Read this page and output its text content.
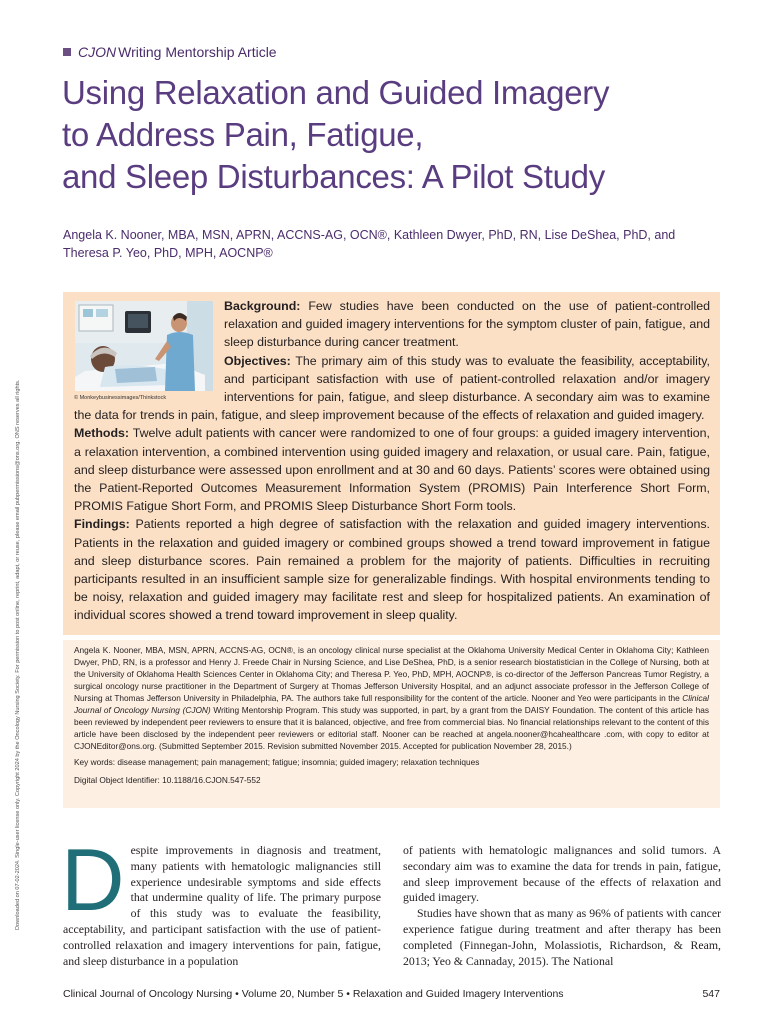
Downloaded on 07-02-2024. Single-user license only. Copyright 2024 by the Oncology Nursing Society. For permission to post online, reprint, adapt, or reuse, please email pubpermissions@ons.org. ONS reserves all rights.
CJON Writing Mentorship Article
Using Relaxation and Guided Imagery
to Address Pain, Fatigue,
and Sleep Disturbances: A Pilot Study
Angela K. Nooner, MBA, MSN, APRN, ACCNS-AG, OCN®, Kathleen Dwyer, PhD, RN, Lise DeShea, PhD, and Theresa P. Yeo, PhD, MPH, AOCNP®
© Monkeybusinessimages/Thinkstock

Background: Few studies have been conducted on the use of patient-controlled relaxation and guided imagery interventions for the symptom cluster of pain, fatigue, and sleep disturbance during cancer treatment.

Objectives: The primary aim of this study was to evaluate the feasibility, acceptability, and participant satisfaction with use of patient-controlled relaxation and/or imagery interventions for pain, fatigue, and sleep disturbance. A secondary aim was to examine the data for trends in pain, fatigue, and sleep improvement because of the effects of relaxation and guided imagery.

Methods: Twelve adult patients with cancer were randomized to one of four groups: a guided imagery intervention, a relaxation intervention, a combined intervention using guided imagery and relaxation, or usual care. Pain, fatigue, and sleep disturbance were assessed upon enrollment and at 30 and 60 days. Patients’ scores were obtained using the Patient-Reported Outcomes Measurement Information System (PROMIS) Pain Interference Short Form, PROMIS Fatigue Short Form, and PROMIS Sleep Disturbance Short Form tools.

Findings: Patients reported a high degree of satisfaction with the relaxation and guided imagery interventions. Patients in the relaxation and guided imagery or combined groups showed a trend toward improvement in fatigue and sleep disturbance scores. Pain remained a problem for the majority of patients. Difficulties in recruiting participants resulted in an insufficient sample size for generalizable findings. With hospital environments tending to be noisy, relaxation and guided imagery may facilitate rest and sleep for hospitalized patients. An examination of individual scores showed a trend toward improvement in sleep quality.

Angela K. Nooner, MBA, MSN, APRN, ACCNS-AG, OCN®, is an oncology clinical nurse specialist at the Oklahoma University Medical Center in Oklahoma City; Kathleen Dwyer, PhD, RN, is a professor and Henry J. Freede Chair in Nursing Science, and Lise DeShea, PhD, is a senior research biostatistician in the College of Nursing, both at the University of Oklahoma Health Sciences Center in Oklahoma City; and Theresa P. Yeo, PhD, MPH, AOCNP®, is co-director of the Jefferson Pancreas Tumor Registry, a surgical oncology nurse practitioner in the Department of Surgery at Thomas Jefferson University Hospital, and an adjunct associate professor in the Jefferson College of Nursing at Thomas Jefferson University in Philadelphia, PA. The authors take full responsibility for the content of the article. Nooner and Yeo were participants in the Clinical Journal of Oncology Nursing (CJON) Writing Mentorship Program. This study was supported, in part, by a grant from the DAISY Foundation. The content of this article has been reviewed by independent peer reviewers to ensure that it is balanced, objective, and free from commercial bias. No financial relationships relevant to the content of this article have been disclosed by the independent peer reviewers or editorial staff. Nooner can be reached at angela.nooner@hcahealthcare .com, with copy to editor at CJONEditor@ons.org. (Submitted September 2015. Revision submitted November 2015. Accepted for publication November 28, 2015.)

Key words: disease management; pain management; fatigue; insomnia; guided imagery; relaxation techniques

Digital Object Identifier: 10.1188/16.CJON.547-552

Despite improvements in diagnosis and treatment, many patients with hematologic malignancies still experience undesirable symptoms and side effects that undermine quality of life. The primary purpose of this study was to evaluate the feasibility, acceptability, and participant satisfaction with the use of patient-controlled relaxation and imagery interventions for pain, fatigue, and sleep disturbance in a population

of patients with hematologic malignances and solid tumors. A secondary aim was to examine the data for trends in pain, fatigue, and sleep improvement because of the effects of relaxation and guided imagery.

Studies have shown that as many as 96% of patients with cancer experience fatigue during treatment and after therapy has been completed (Finnegan-John, Molassiotis, Richardson, & Ream, 2013; Yeo & Cannaday, 2015). The National

Clinical Journal of Oncology Nursing • Volume 20, Number 5 • Relaxation and Guided Imagery Interventions	547
